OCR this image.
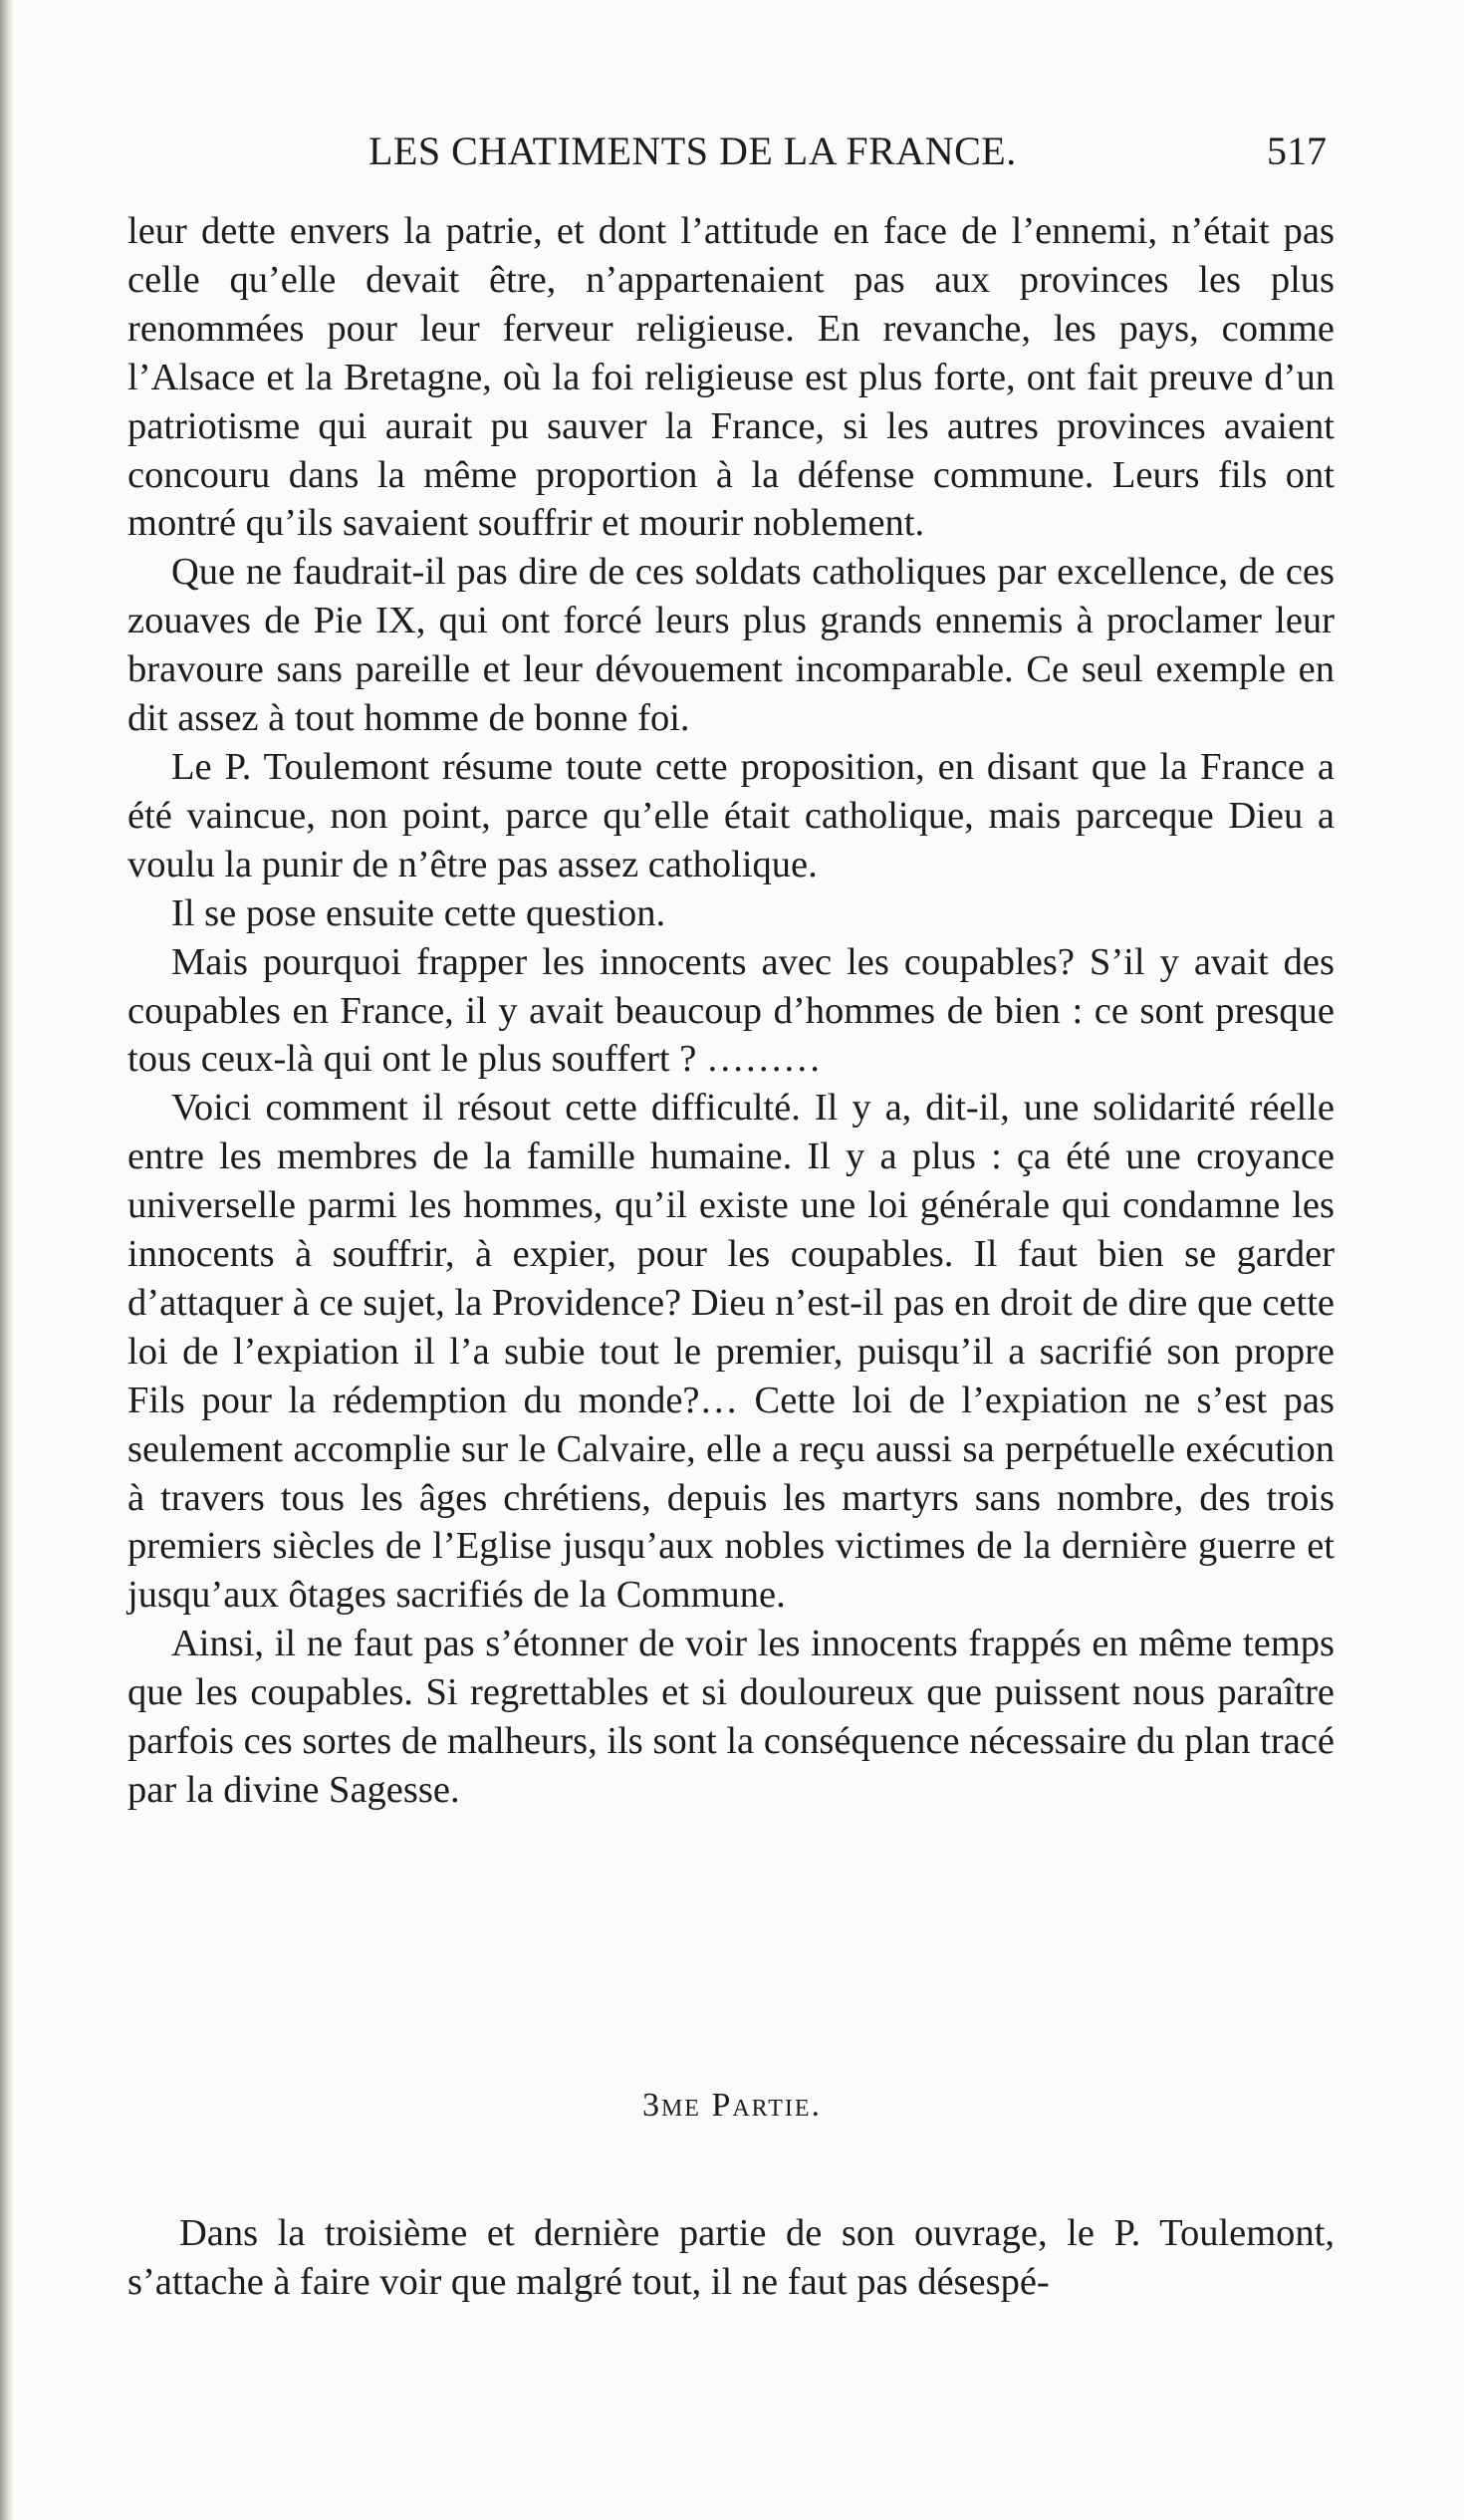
LES CHATIMENTS DE LA FRANCE.	517

leur dette envers la patrie, et dont l’attitude en face de l’ennemi, n’était pas celle qu’elle devait être, n’appartenaient pas aux provinces les plus renommées pour leur ferveur religieuse. En revanche, les pays, comme l’Alsace et la Bretagne, où la foi religieuse est plus forte, ont fait preuve d’un patriotisme qui aurait pu sauver la France, si les autres provinces avaient concouru dans la même proportion à la défense commune. Leurs fils ont montré qu’ils savaient souffrir et mourir noblement.

Que ne faudrait-il pas dire de ces soldats catholiques par excellence, de ces zouaves de Pie IX, qui ont forcé leurs plus grands ennemis à proclamer leur bravoure sans pareille et leur dévouement incomparable. Ce seul exemple en dit assez à tout homme de bonne foi.

Le P. Toulemont résume toute cette proposition, en disant que la France a été vaincue, non point, parce qu’elle était catholique, mais parceque Dieu a voulu la punir de n’être pas assez catholique.

Il se pose ensuite cette question.

Mais pourquoi frapper les innocents avec les coupables? S’il y avait des coupables en France, il y avait beaucoup d’hommes de bien : ce sont presque tous ceux-là qui ont le plus souffert ? ………

Voici comment il résout cette difficulté. Il y a, dit-il, une solidarité réelle entre les membres de la famille humaine. Il y a plus : ça été une croyance universelle parmi les hommes, qu’il existe une loi générale qui condamne les innocents à souffrir, à expier, pour les coupables. Il faut bien se garder d’attaquer à ce sujet, la Providence? Dieu n’est-il pas en droit de dire que cette loi de l’expiation il l’a subie tout le premier, puisqu’il a sacrifié son propre Fils pour la rédemption du monde?… Cette loi de l’expiation ne s’est pas seulement accomplie sur le Calvaire, elle a reçu aussi sa perpétuelle exécution à travers tous les âges chrétiens, depuis les martyrs sans nombre, des trois premiers siècles de l’Eglise jusqu’aux nobles victimes de la dernière guerre et jusqu’aux ôtages sacrifiés de la Commune.

Ainsi, il ne faut pas s’étonner de voir les innocents frappés en même temps que les coupables. Si regrettables et si douloureux que puissent nous paraître parfois ces sortes de malheurs, ils sont la conséquence nécessaire du plan tracé par la divine Sagesse.

3me Partie.

Dans la troisième et dernière partie de son ouvrage, le P. Toulemont, s’attache à faire voir que malgré tout, il ne faut pas désespé-
